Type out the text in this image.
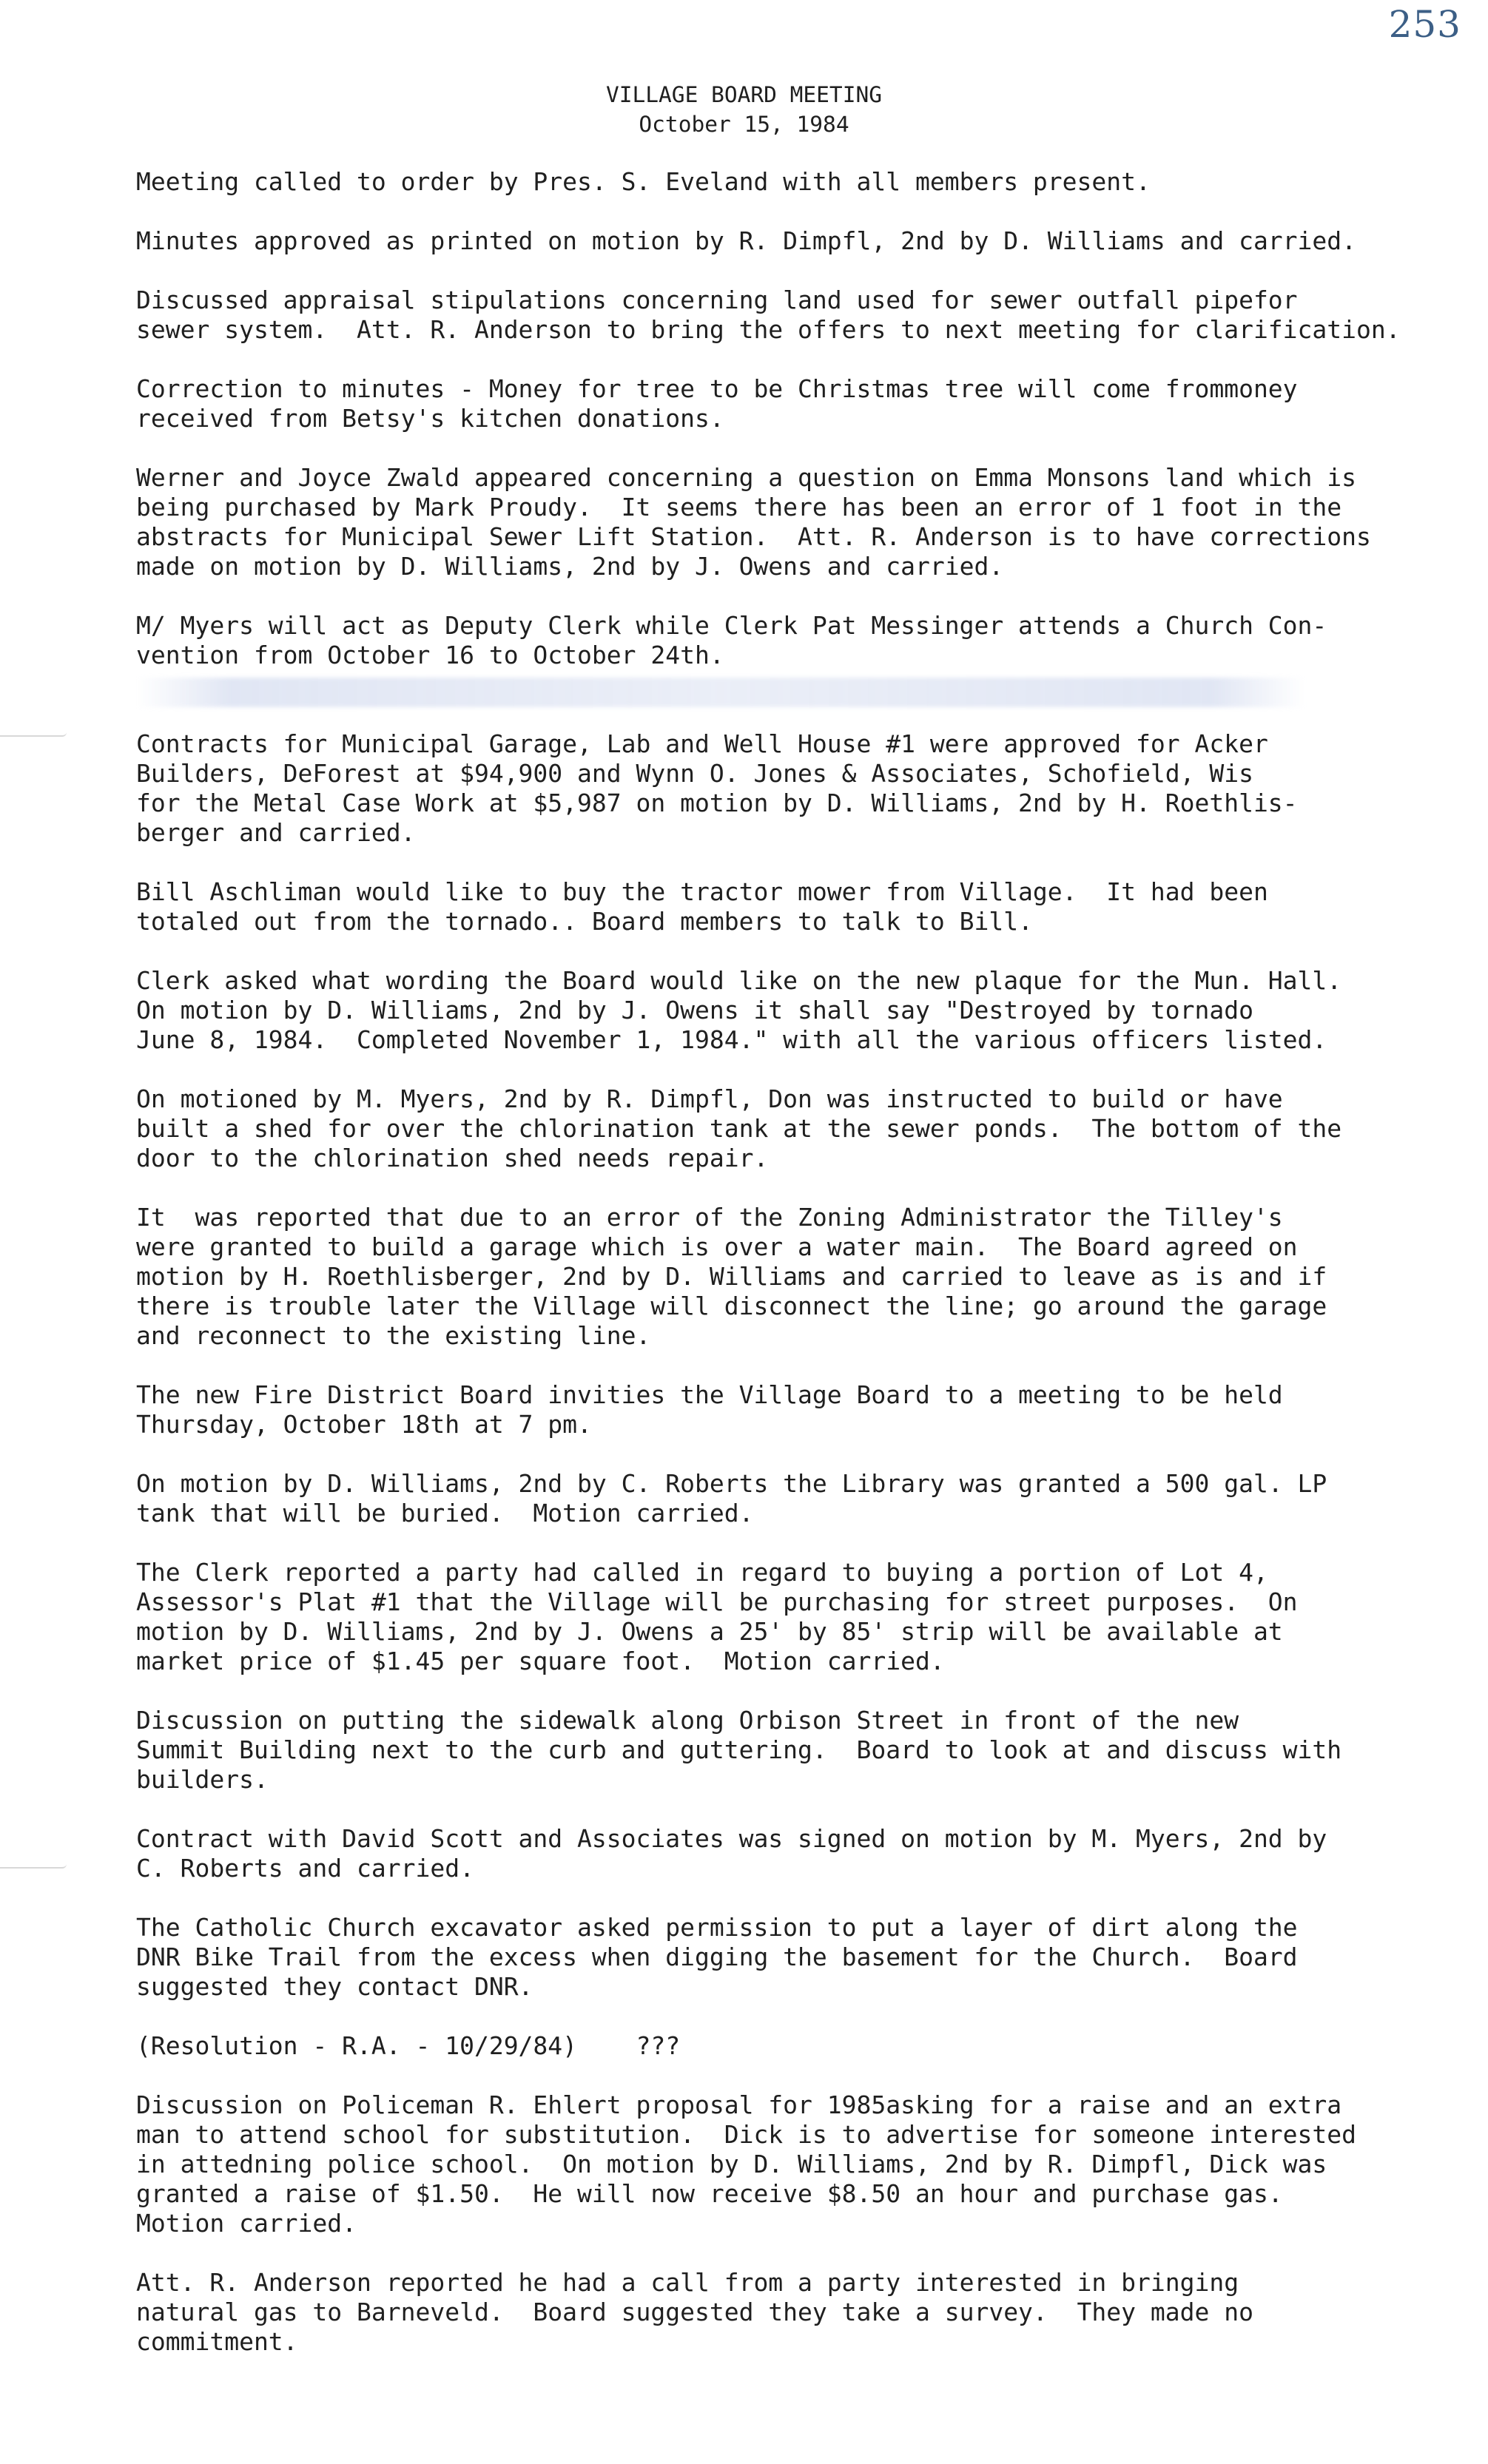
253
VILLAGE BOARD MEETING
October 15, 1984
Meeting called to order by Pres. S. Eveland with all members present.
Minutes approved as printed on motion by R. Dimpfl, 2nd by D. Williams and carried.
Discussed appraisal stipulations concerning land used for sewer outfall pipefor
sewer system.  Att. R. Anderson to bring the offers to next meeting for clarification.
Correction to minutes - Money for tree to be Christmas tree will come frommoney
received from Betsy's kitchen donations.
Werner and Joyce Zwald appeared concerning a question on Emma Monsons land which is
being purchased by Mark Proudy.  It seems there has been an error of 1 foot in the
abstracts for Municipal Sewer Lift Station.  Att. R. Anderson is to have corrections
made on motion by D. Williams, 2nd by J. Owens and carried.
M/ Myers will act as Deputy Clerk while Clerk Pat Messinger attends a Church Con-
vention from October 16 to October 24th.
Contracts for Municipal Garage, Lab and Well House #1 were approved for Acker
Builders, DeForest at $94,900 and Wynn O. Jones & Associates, Schofield, Wis
for the Metal Case Work at $5,987 on motion by D. Williams, 2nd by H. Roethlis-
berger and carried.
Bill Aschliman would like to buy the tractor mower from Village.  It had been
totaled out from the tornado.. Board members to talk to Bill.
Clerk asked what wording the Board would like on the new plaque for the Mun. Hall.
On motion by D. Williams, 2nd by J. Owens it shall say "Destroyed by tornado
June 8, 1984.  Completed November 1, 1984." with all the various officers listed.
On motioned by M. Myers, 2nd by R. Dimpfl, Don was instructed to build or have
built a shed for over the chlorination tank at the sewer ponds.  The bottom of the
door to the chlorination shed needs repair.
It  was reported that due to an error of the Zoning Administrator the Tilley's
were granted to build a garage which is over a water main.  The Board agreed on
motion by H. Roethlisberger, 2nd by D. Williams and carried to leave as is and if
there is trouble later the Village will disconnect the line; go around the garage
and reconnect to the existing line.
The new Fire District Board invities the Village Board to a meeting to be held
Thursday, October 18th at 7 pm.
On motion by D. Williams, 2nd by C. Roberts the Library was granted a 500 gal. LP
tank that will be buried.  Motion carried.
The Clerk reported a party had called in regard to buying a portion of Lot 4,
Assessor's Plat #1 that the Village will be purchasing for street purposes.  On
motion by D. Williams, 2nd by J. Owens a 25' by 85' strip will be available at
market price of $1.45 per square foot.  Motion carried.
Discussion on putting the sidewalk along Orbison Street in front of the new
Summit Building next to the curb and guttering.  Board to look at and discuss with
builders.
Contract with David Scott and Associates was signed on motion by M. Myers, 2nd by
C. Roberts and carried.
The Catholic Church excavator asked permission to put a layer of dirt along the
DNR Bike Trail from the excess when digging the basement for the Church.  Board
suggested they contact DNR.
(Resolution - R.A. - 10/29/84)    ???
Discussion on Policeman R. Ehlert proposal for 1985asking for a raise and an extra
man to attend school for substitution.  Dick is to advertise for someone interested
in attedning police school.  On motion by D. Williams, 2nd by R. Dimpfl, Dick was
granted a raise of $1.50.  He will now receive $8.50 an hour and purchase gas.
Motion carried.
Att. R. Anderson reported he had a call from a party interested in bringing
natural gas to Barneveld.  Board suggested they take a survey.  They made no
commitment.
